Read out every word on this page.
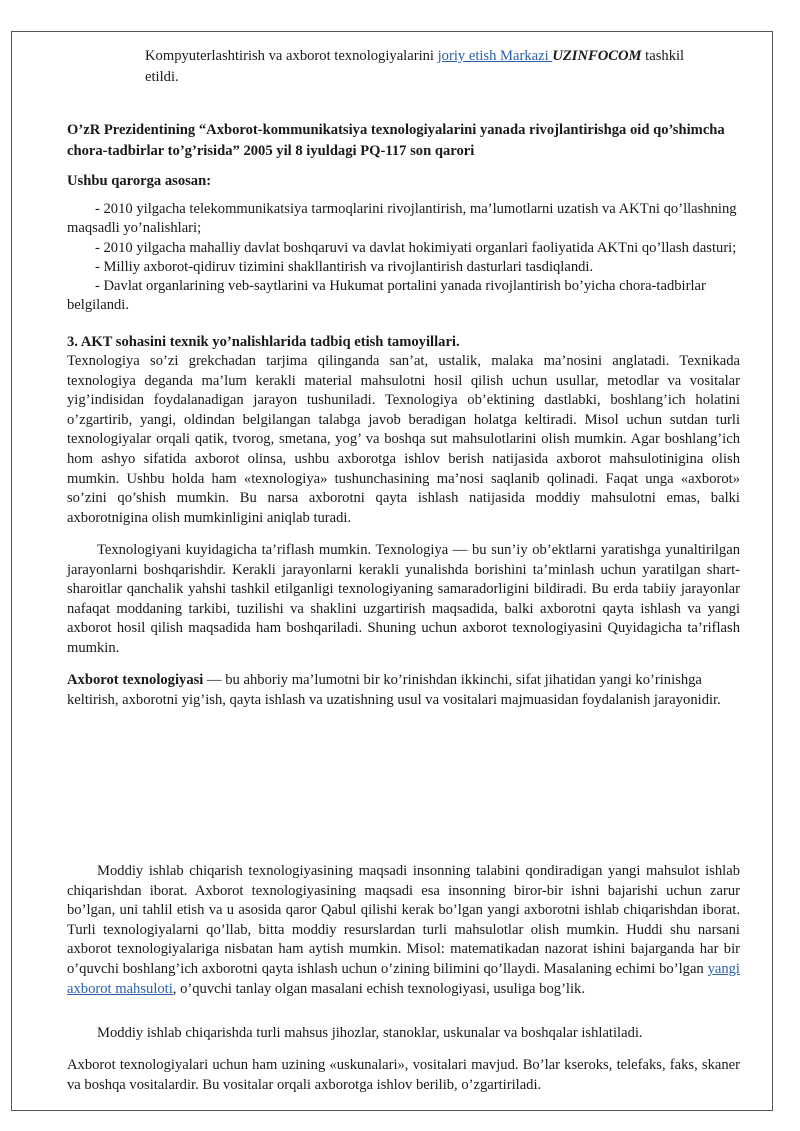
Kompyuterlashtirish va axborot texnologiyalarini joriy etish Markazi UZINFOCOM tashkil
etildi.

O’zR Prezidentining “Axborot-kommunikatsiya texnologiyalarini yanada rivojlantirishga oid qo’shimcha chora-tadbirlar to’g’risida” 2005 yil 8 iyuldagi PQ-117 son qarori

Ushbu qarorga asosan:

- 2010 yilgacha telekommunikatsiya tarmoqlarini rivojlantirish, ma’lumotlarni uzatish va AKTni qo’llashning maqsadli yo’nalishlari;

- 2010 yilgacha mahalliy davlat boshqaruvi va davlat hokimiyati organlari faoliyatida AKTni qo’llash dasturi;

- Milliy axborot-qidiruv tizimini shakllantirish va rivojlantirish dasturlari tasdiqlandi.

- Davlat organlarining veb-saytlarini va Hukumat portalini yanada rivojlantirish bo’yicha chora-tadbirlar belgilandi.

3. AKT sohasini texnik yo’nalishlarida tadbiq etish tamoyillari.

Texnologiya so’zi grekchadan tarjima qilinganda san’at, ustalik, malaka ma’nosini anglatadi. Texnikada texnologiya deganda ma’lum kerakli material mahsulotni hosil qilish uchun usullar, metodlar va vositalar yig’indisidan foydalanadigan jarayon tushuniladi. Texnologiya ob’ektining dastlabki, boshlang’ich holatini o’zgartirib, yangi, oldindan belgilangan talabga javob beradigan holatga keltiradi. Misol uchun sutdan turli texnologiyalar orqali qatik, tvorog, smetana, yog’ va boshqa sut mahsulotlarini olish mumkin. Agar boshlang’ich hom ashyo sifatida axborot olinsa, ushbu axborotga ishlov berish natijasida axborot mahsulotinigina olish mumkin. Ushbu holda ham «texnologiya» tushunchasining ma’nosi saqlanib qolinadi. Faqat unga «axborot» so’zini qo’shish mumkin. Bu narsa axborotni qayta ishlash natijasida moddiy mahsulotni emas, balki axborotnigina olish mumkinligini aniqlab turadi.

Texnologiyani kuyidagicha ta’riflash mumkin. Texnologiya — bu sun’iy ob’ektlarni yaratishga yunaltirilgan jarayonlarni boshqarishdir. Kerakli jarayonlarni kerakli yunalishda borishini ta’minlash uchun yaratilgan shart-sharoitlar qanchalik yahshi tashkil etilganligi texnologiyaning samaradorligini bildiradi. Bu erda tabiiy jarayonlar nafaqat moddaning tarkibi, tuzilishi va shaklini uzgartirish maqsadida, balki axborotni qayta ishlash va yangi axborot hosil qilish maqsadida ham boshqariladi. Shuning uchun axborot texnologiyasini Quyidagicha ta’riflash mumkin.

Axborot texnologiyasi — bu ahboriy ma’lumotni bir ko’rinishdan ikkinchi, sifat jihatidan yangi ko’rinishga keltirish, axborotni yig’ish, qayta ishlash va uzatishning usul va vositalari majmuasidan foydalanish jarayonidir.

Moddiy ishlab chiqarish texnologiyasining maqsadi insonning talabini qondiradigan yangi mahsulot ishlab chiqarishdan iborat. Axborot texnologiyasining maqsadi esa insonning biror-bir ishni bajarishi uchun zarur bo’lgan, uni tahlil etish va u asosida qaror Qabul qilishi kerak bo’lgan yangi axborotni ishlab chiqarishdan iborat. Turli texnologiyalarni qo’llab, bitta moddiy resurslardan turli mahsulotlar olish mumkin. Huddi shu narsani axborot texnologiyalariga nisbatan ham aytish mumkin. Misol: matematikadan nazorat ishini bajarganda har bir o’quvchi boshlang’ich axborotni qayta ishlash uchun o’zining bilimini qo’llaydi. Masalaning echimi bo’lgan yangi axborot mahsuloti, o’quvchi tanlay olgan masalani echish texnologiyasi, usuliga bog’lik.

Moddiy ishlab chiqarishda turli mahsus jihozlar, stanoklar, uskunalar va boshqalar ishlatiladi.

Axborot texnologiyalari uchun ham uzining «uskunalari», vositalari mavjud. Bo’lar kseroks, telefaks, faks, skaner va boshqa vositalardir. Bu vositalar orqali axborotga ishlov berilib, o’zgartiriladi.
